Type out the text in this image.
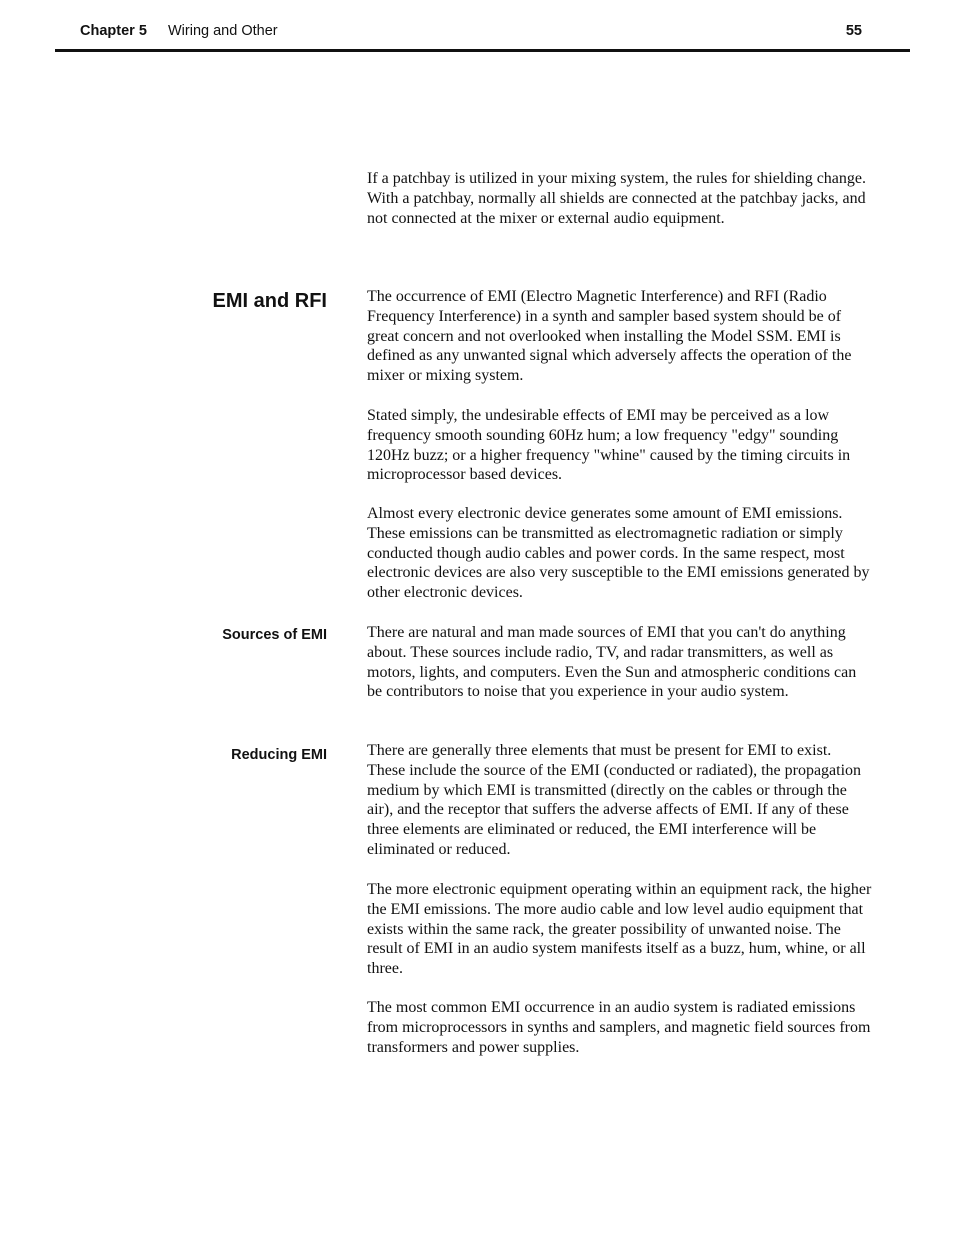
Chapter 5 Wiring and Other	55

If a patchbay is utilized in your mixing system, the rules for shielding change. With a patchbay, normally all shields are connected at the patchbay jacks, and not connected at the mixer or external audio equipment.

EMI and RFI	The occurrence of EMI (Electro Magnetic Interference) and RFI (Radio Frequency Interference) in a synth and sampler based system should be of great concern and not overlooked when installing the Model SSM. EMI is defined as any unwanted signal which adversely affects the operation of the mixer or mixing system.

Stated simply, the undesirable effects of EMI may be perceived as a low frequency smooth sounding 60Hz hum; a low frequency "edgy" sounding 120Hz buzz; or a higher frequency "whine" caused by the timing circuits in microprocessor based devices.

Almost every electronic device generates some amount of EMI emissions. These emissions can be transmitted as electromagnetic radiation or simply conducted though audio cables and power cords. In the same respect, most electronic devices are also very susceptible to the EMI emissions generated by other electronic devices.

Sources of EMI	There are natural and man made sources of EMI that you can't do anything about. These sources include radio, TV, and radar transmitters, as well as motors, lights, and computers. Even the Sun and atmospheric conditions can be contributors to noise that you experience in your audio system.

Reducing EMI	There are generally three elements that must be present for EMI to exist. These include the source of the EMI (conducted or radiated), the propagation medium by which EMI is transmitted (directly on the cables or through the air), and the receptor that suffers the adverse affects of EMI. If any of these three elements are eliminated or reduced, the EMI interference will be eliminated or reduced.

The more electronic equipment operating within an equipment rack, the higher the EMI emissions. The more audio cable and low level audio equipment that exists within the same rack, the greater possibility of unwanted noise. The result of EMI in an audio system manifests itself as a buzz, hum, whine, or all three.

The most common EMI occurrence in an audio system is radiated emissions from microprocessors in synths and samplers, and magnetic field sources from transformers and power supplies.
